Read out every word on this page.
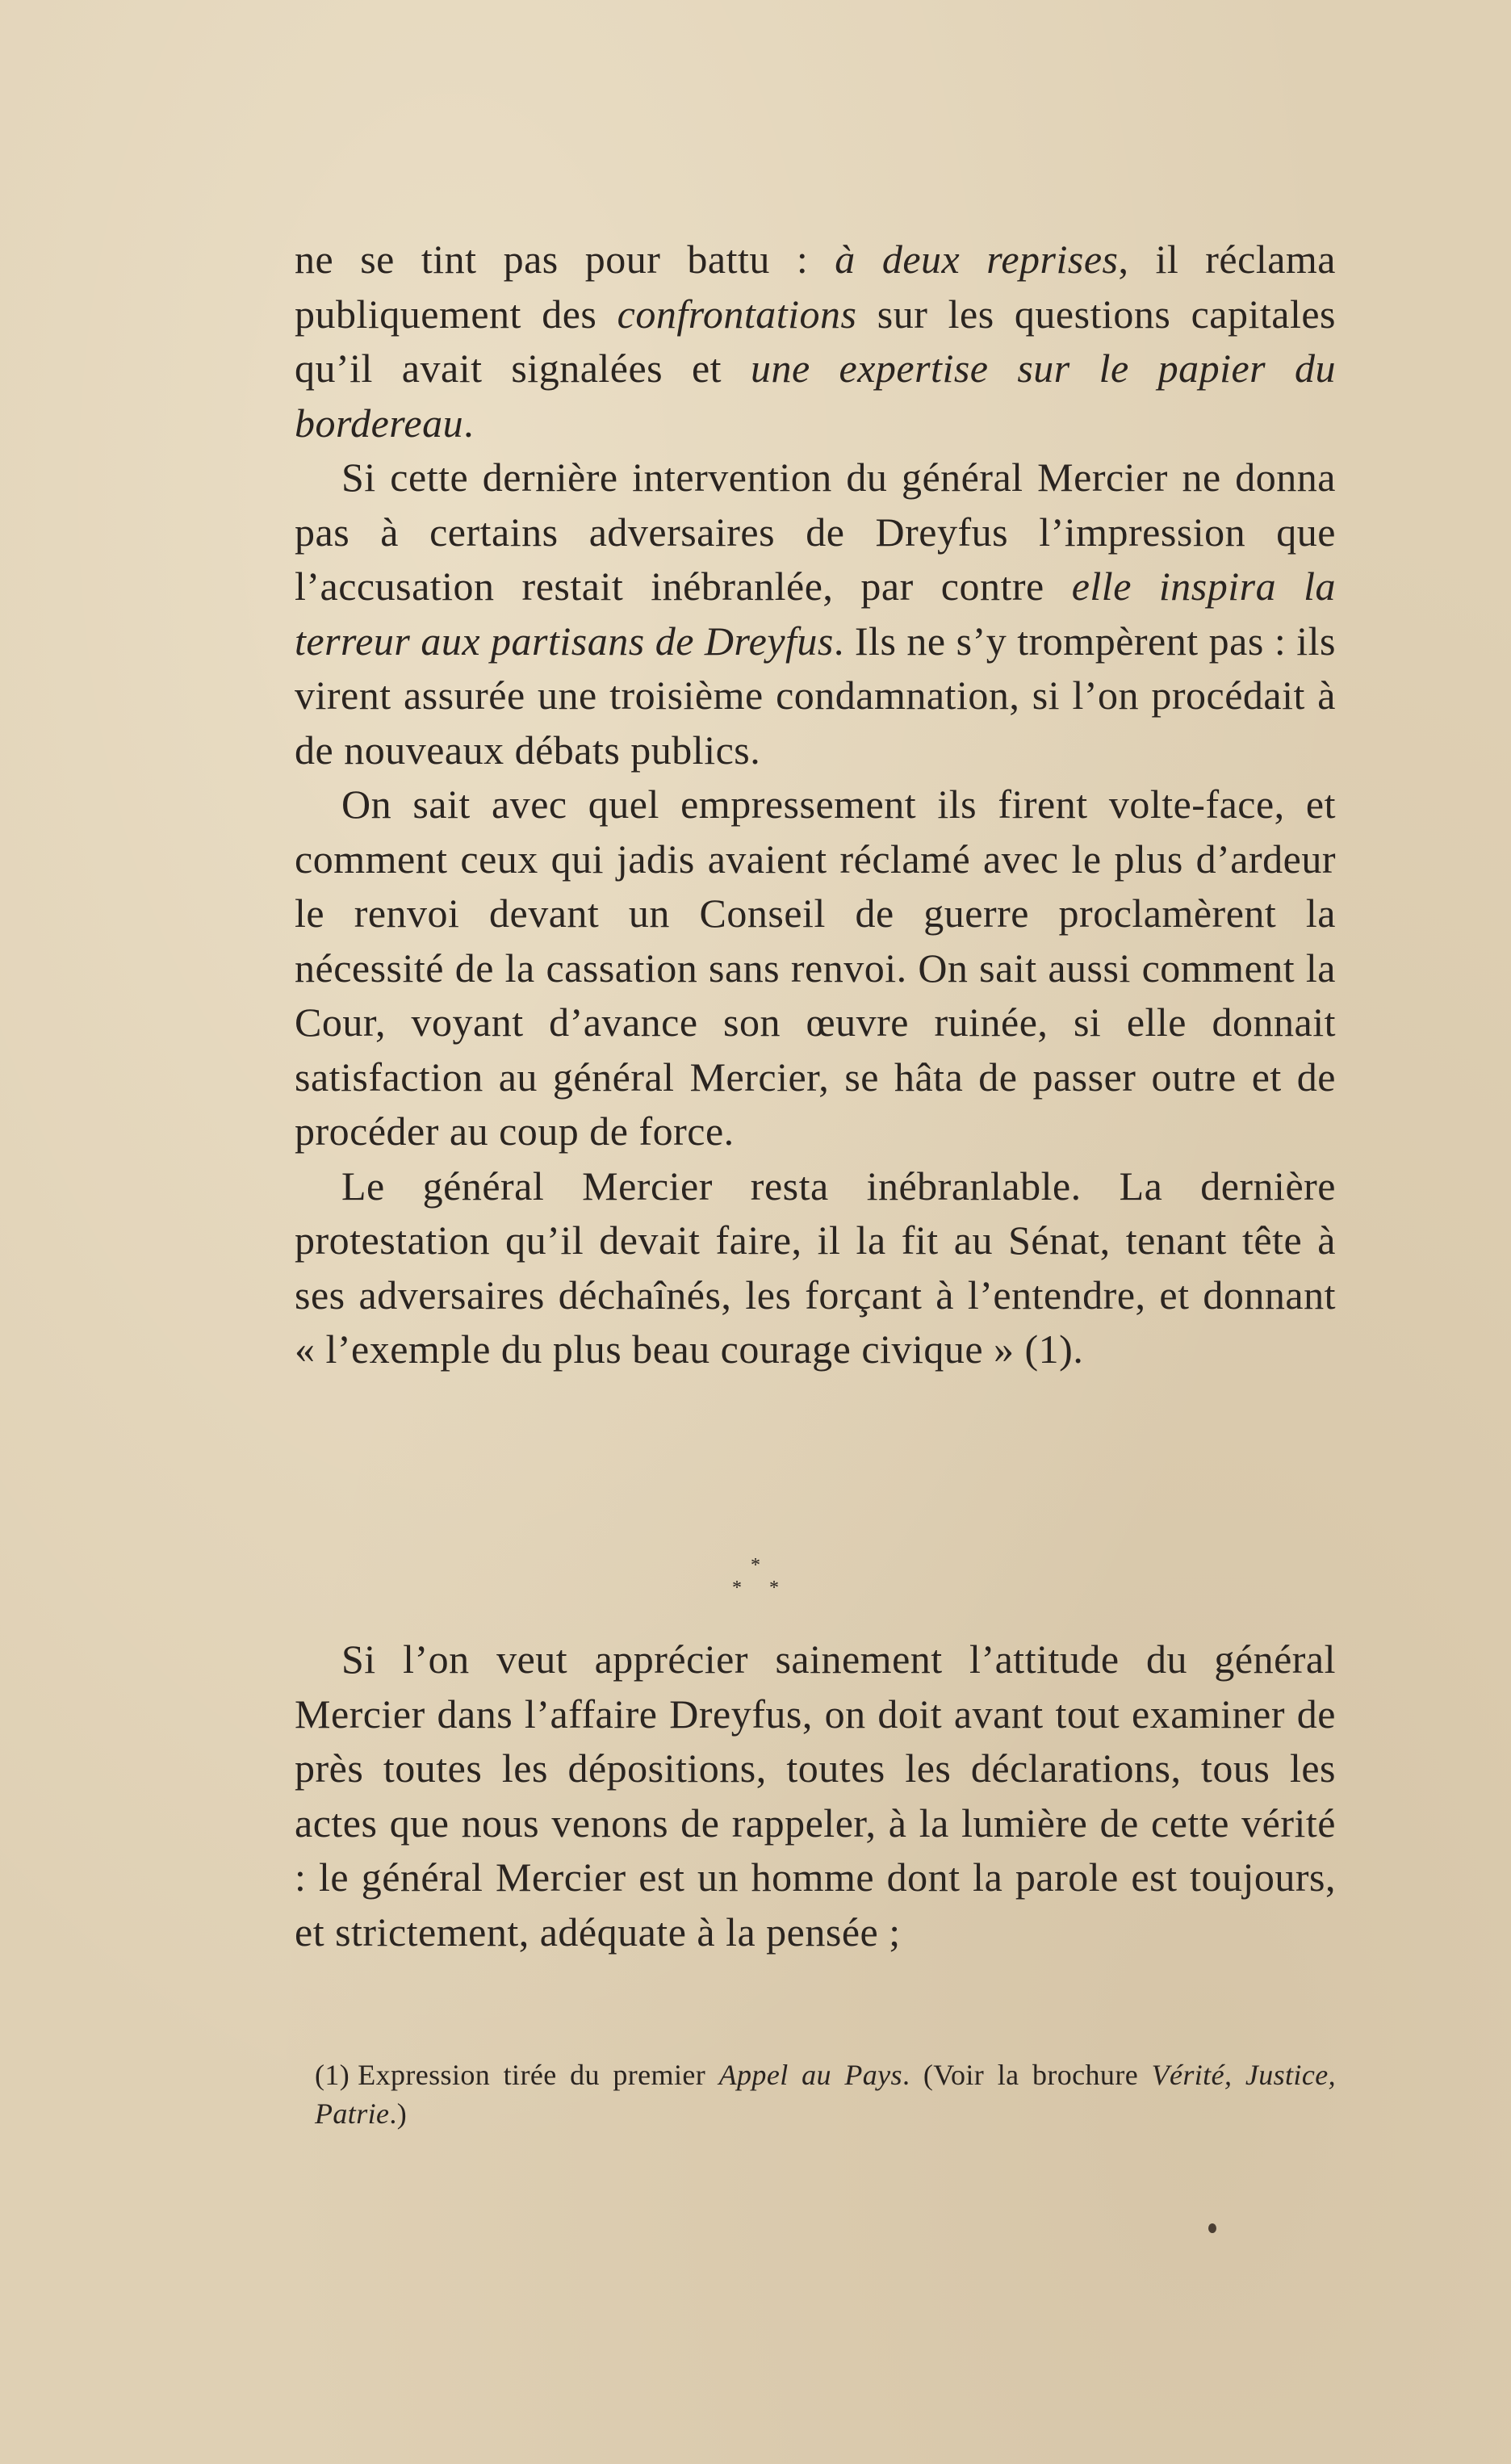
ne se tint pas pour battu : à deux reprises, il réclama publiquement des confrontations sur les questions capitales qu’il avait signalées et une expertise sur le papier du bordereau.

Si cette dernière intervention du général Mercier ne donna pas à certains adversaires de Dreyfus l’impression que l’accusation restait inébranlée, par contre elle inspira la terreur aux partisans de Dreyfus. Ils ne s’y trompèrent pas : ils virent assurée une troisième condamnation, si l’on procédait à de nouveaux débats publics.

On sait avec quel empressement ils firent volte-face, et comment ceux qui jadis avaient réclamé avec le plus d’ardeur le renvoi devant un Conseil de guerre proclamèrent la nécessité de la cassation sans renvoi. On sait aussi comment la Cour, voyant d’avance son œuvre ruinée, si elle donnait satisfaction au général Mercier, se hâta de passer outre et de procéder au coup de force.

Le général Mercier resta inébranlable. La dernière protestation qu’il devait faire, il la fit au Sénat, tenant tête à ses adversaires déchaînés, les forçant à l’entendre, et donnant « l’exemple du plus beau courage civique » (1).

*
* *

Si l’on veut apprécier sainement l’attitude du général Mercier dans l’affaire Dreyfus, on doit avant tout examiner de près toutes les dépositions, toutes les déclarations, tous les actes que nous venons de rappeler, à la lumière de cette vérité : le général Mercier est un homme dont la parole est toujours, et strictement, adéquate à la pensée ;

(1) Expression tirée du premier Appel au Pays. (Voir la brochure Vérité, Justice, Patrie.)
